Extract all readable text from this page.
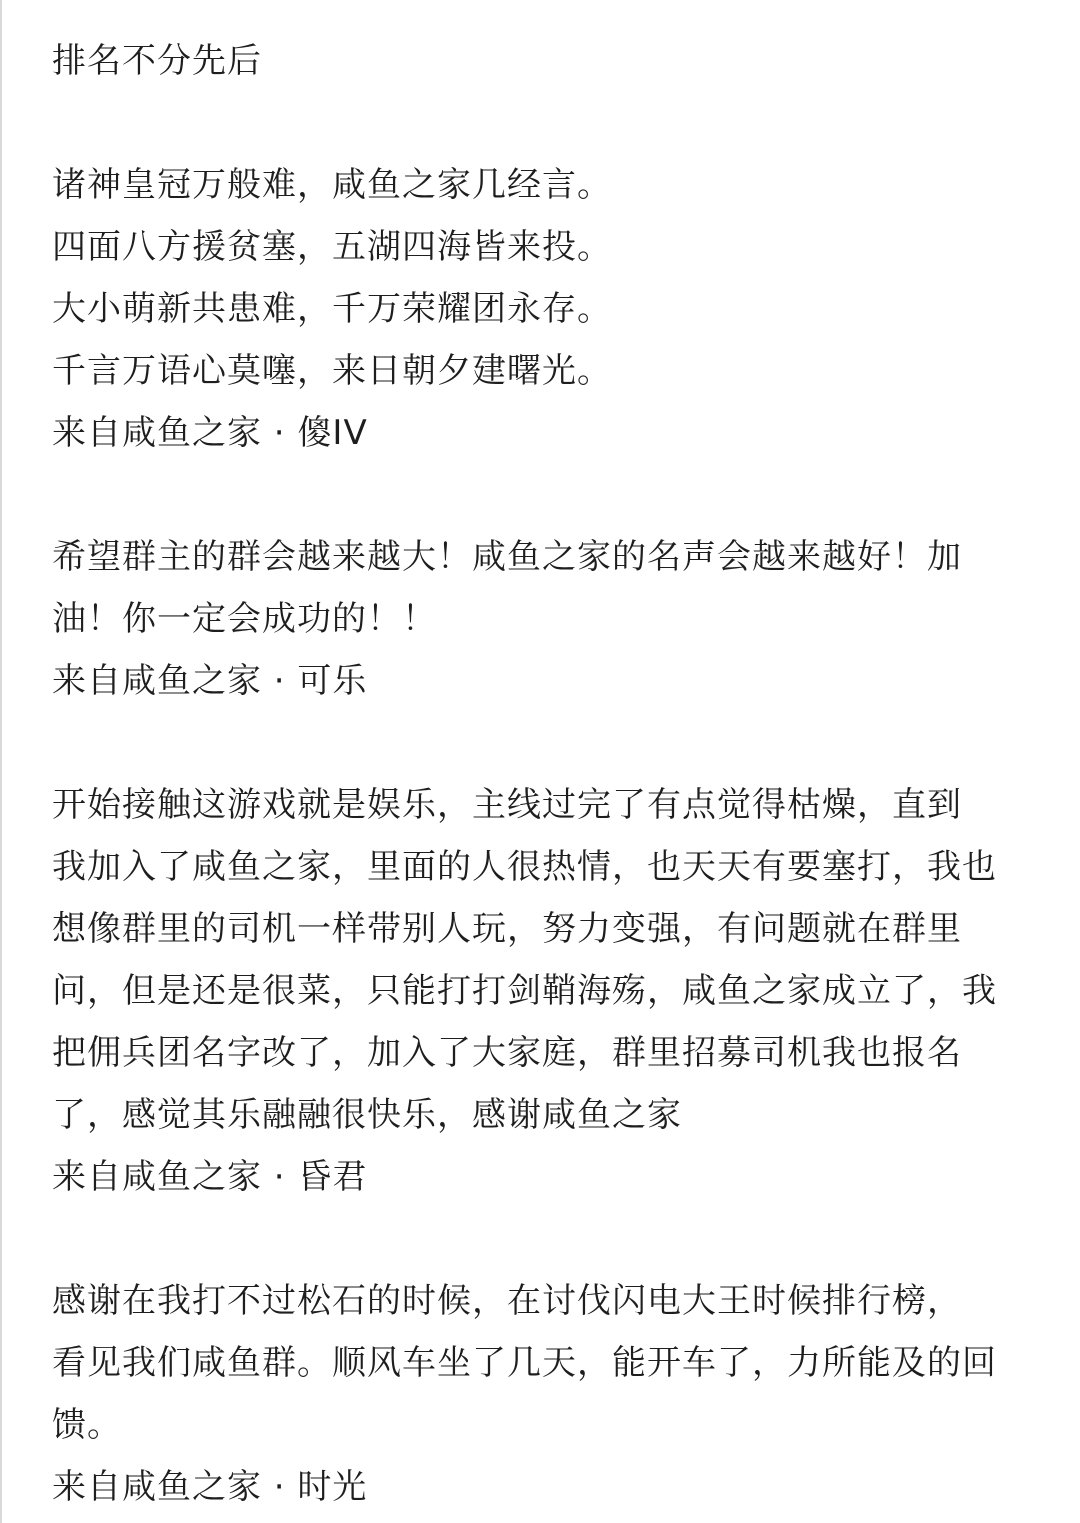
排名不分先后

诸神皇冠万般难，咸鱼之家几经言。

四面八方援贫塞，五湖四海皆来投。

大小萌新共患难，千万荣耀团永存。

千言万语心莫噻，来日朝夕建曙光。

来自咸鱼之家 · 傻IV

希望群主的群会越来越大！咸鱼之家的名声会越来越好！加

油！你一定会成功的！！

来自咸鱼之家 · 可乐

开始接触这游戏就是娱乐，主线过完了有点觉得枯燥，直到

我加入了咸鱼之家，里面的人很热情，也天天有要塞打，我也

想像群里的司机一样带别人玩，努力变强，有问题就在群里

问，但是还是很菜，只能打打剑鞘海殇，咸鱼之家成立了，我

把佣兵团名字改了，加入了大家庭，群里招募司机我也报名

了，感觉其乐融融很快乐，感谢咸鱼之家

来自咸鱼之家 · 昏君

感谢在我打不过松石的时候，在讨伐闪电大王时候排行榜，

看见我们咸鱼群。顺风车坐了几天，能开车了，力所能及的回

馈。

来自咸鱼之家 · 时光
